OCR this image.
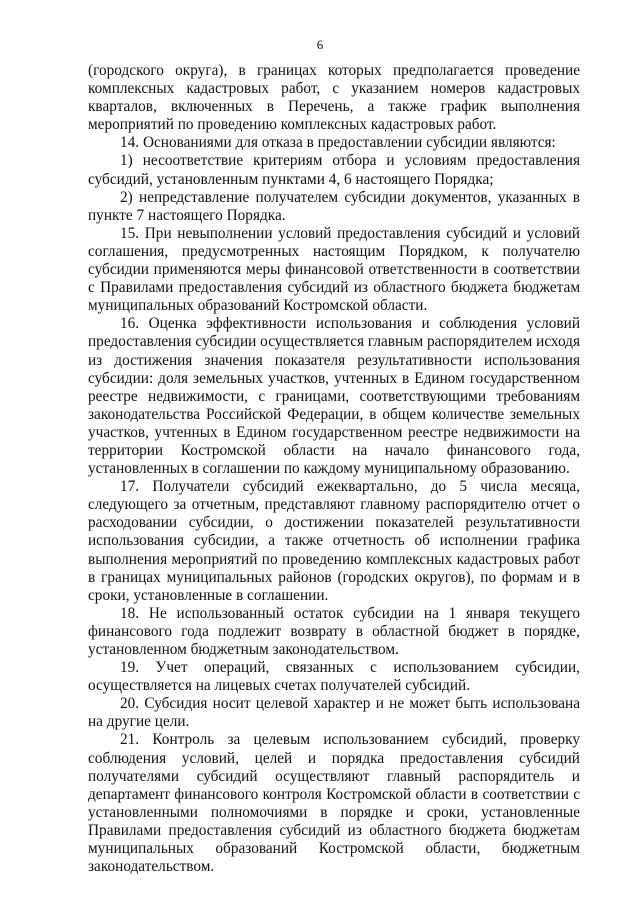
6
(городского округа), в границах которых предполагается проведение
комплексных кадастровых работ, с указанием номеров кадастровых
кварталов, включенных в Перечень, а также график выполнения
мероприятий по проведению комплексных кадастровых работ.
14. Основаниями для отказа в предоставлении субсидии являются:
1) несоответствие критериям отбора и условиям предоставления
субсидий, установленным пунктами 4, 6 настоящего Порядка;
2) непредставление получателем субсидии документов, указанных в
пункте 7 настоящего Порядка.
15. При невыполнении условий предоставления субсидий и условий
соглашения, предусмотренных настоящим Порядком, к получателю
субсидии применяются меры финансовой ответственности в соответствии
с Правилами предоставления субсидий из областного бюджета бюджетам
муниципальных образований Костромской области.
16. Оценка эффективности использования и соблюдения условий
предоставления субсидии осуществляется главным распорядителем исходя
из достижения значения показателя результативности использования
субсидии: доля земельных участков, учтенных в Едином государственном
реестре недвижимости, с границами, соответствующими требованиям
законодательства Российской Федерации, в общем количестве земельных
участков, учтенных в Едином государственном реестре недвижимости на
территории Костромской области на начало финансового года,
установленных в соглашении по каждому муниципальному образованию.
17. Получатели субсидий ежеквартально, до 5 числа месяца,
следующего за отчетным, представляют главному распорядителю отчет о
расходовании субсидии, о достижении показателей результативности
использования субсидии, а также отчетность об исполнении графика
выполнения мероприятий по проведению комплексных кадастровых работ
в границах муниципальных районов (городских округов), по формам и в
сроки, установленные в соглашении.
18. Не использованный остаток субсидии на 1 января текущего
финансового года подлежит возврату в областной бюджет в порядке,
установленном бюджетным законодательством.
19. Учет операций, связанных с использованием субсидии,
осуществляется на лицевых счетах получателей субсидий.
20. Субсидия носит целевой характер и не может быть использована
на другие цели.
21. Контроль за целевым использованием субсидий, проверку
соблюдения условий, целей и порядка предоставления субсидий
получателями субсидий осуществляют главный распорядитель и
департамент финансового контроля Костромской области в соответствии с
установленными полномочиями в порядке и сроки, установленные
Правилами предоставления субсидий из областного бюджета бюджетам
муниципальных образований Костромской области, бюджетным
законодательством.
